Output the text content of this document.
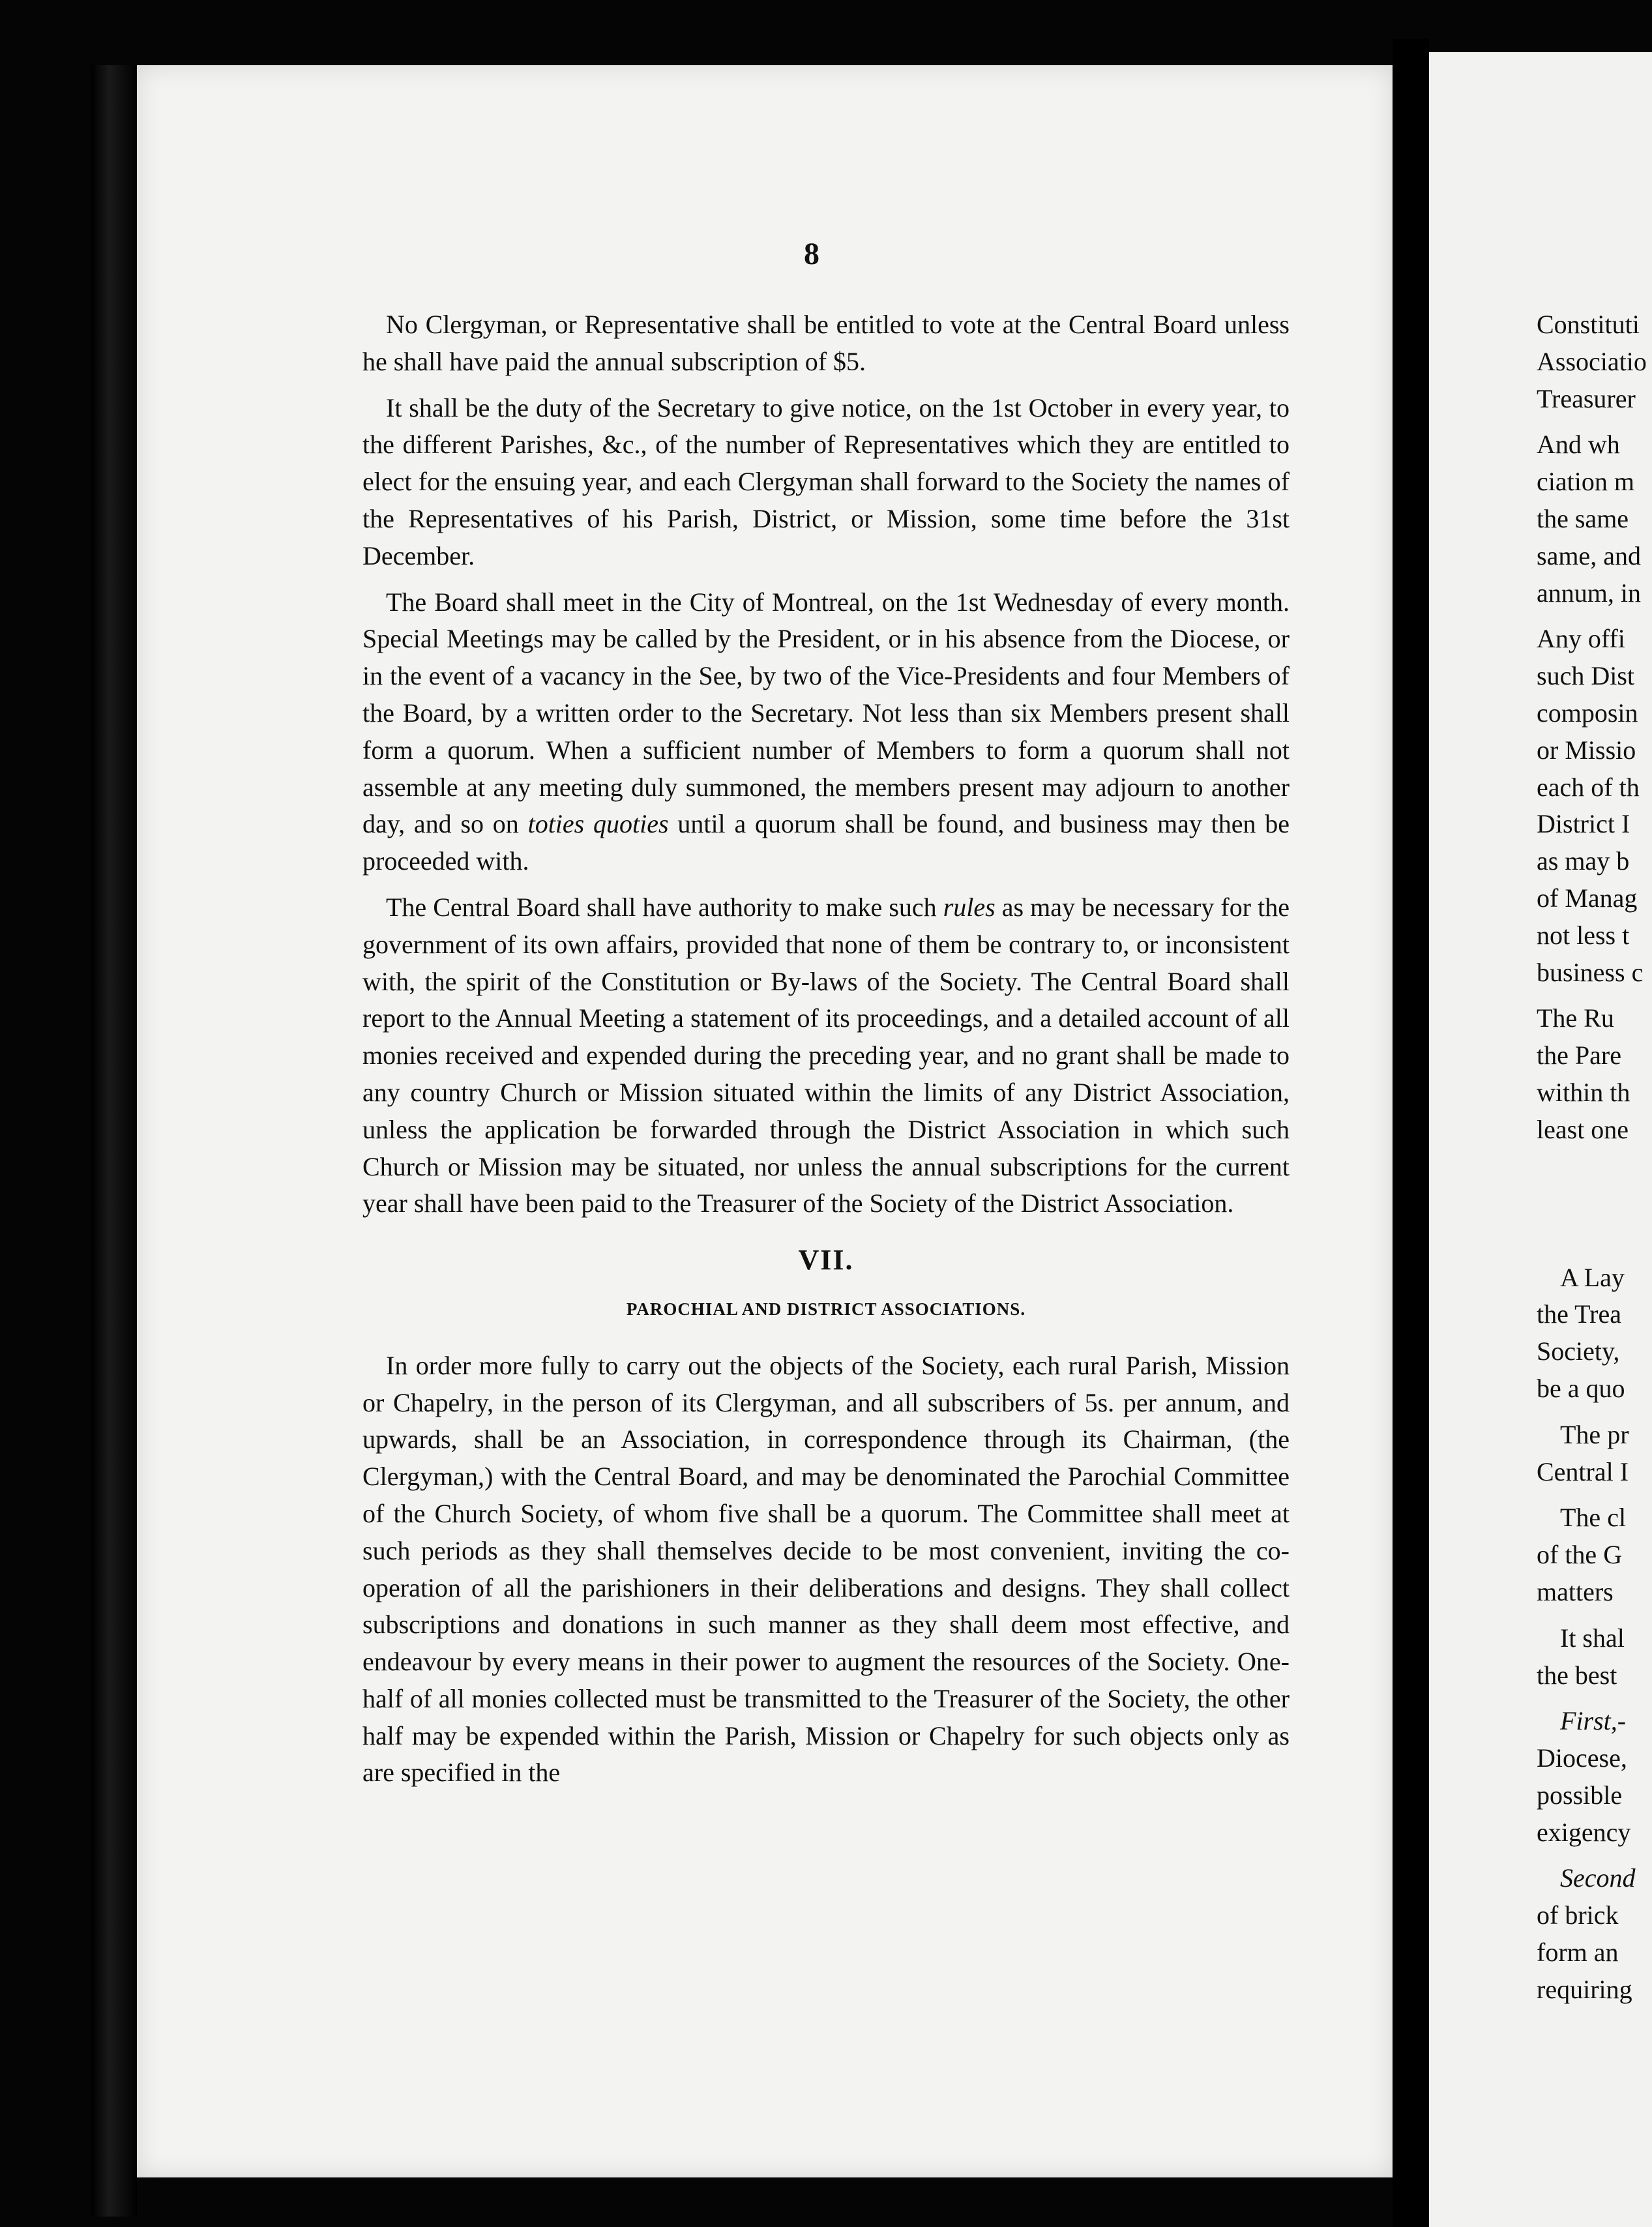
8

No Clergyman, or Representative shall be entitled to vote at the Central Board unless he shall have paid the annual subscription of $5.

It shall be the duty of the Secretary to give notice, on the 1st October in every year, to the different Parishes, &c., of the number of Representatives which they are entitled to elect for the ensuing year, and each Clergyman shall forward to the Society the names of the Representatives of his Parish, District, or Mission, some time before the 31st December.

The Board shall meet in the City of Montreal, on the 1st Wednesday of every month. Special Meetings may be called by the President, or in his absence from the Diocese, or in the event of a vacancy in the See, by two of the Vice-Presidents and four Members of the Board, by a written order to the Secretary. Not less than six Members present shall form a quorum. When a sufficient number of Members to form a quorum shall not assemble at any meeting duly summoned, the members present may adjourn to another day, and so on toties quoties until a quorum shall be found, and business may then be proceeded with.

The Central Board shall have authority to make such rules as may be necessary for the government of its own affairs, provided that none of them be contrary to, or inconsistent with, the spirit of the Constitution or By-laws of the Society. The Central Board shall report to the Annual Meeting a statement of its proceedings, and a detailed account of all monies received and expended during the preceding year, and no grant shall be made to any country Church or Mission situated within the limits of any District Association, unless the application be forwarded through the District Association in which such Church or Mission may be situated, nor unless the annual subscriptions for the current year shall have been paid to the Treasurer of the Society of the District Association.

VII.
PAROCHIAL AND DISTRICT ASSOCIATIONS.

In order more fully to carry out the objects of the Society, each rural Parish, Mission or Chapelry, in the person of its Clergyman, and all subscribers of 5s. per annum, and upwards, shall be an Association, in correspondence through its Chairman, (the Clergyman,) with the Central Board, and may be denominated the Parochial Committee of the Church Society, of whom five shall be a quorum. The Committee shall meet at such periods as they shall themselves decide to be most convenient, inviting the co-operation of all the parishioners in their deliberations and designs. They shall collect subscriptions and donations in such manner as they shall deem most effective, and endeavour by every means in their power to augment the resources of the Society. One-half of all monies collected must be transmitted to the Treasurer of the Society, the other half may be expended within the Parish, Mission or Chapelry for such objects only as are specified in the

Constituti
Associatio
Treasurer
And wh
ciation m
the same
same, and
annum, in
Any offi
such Dist
composin
or Missio
each of th
District I
as may b
of Manag
not less t
business c
The Ru
the Pare
within th
least one
A Lay
the Trea
Society,
be a quo
The pr
Central I
The cl
of the G
matters
It shal
the best
First,-
Diocese,
possible
exigency
Second
of brick
form an
requiring
